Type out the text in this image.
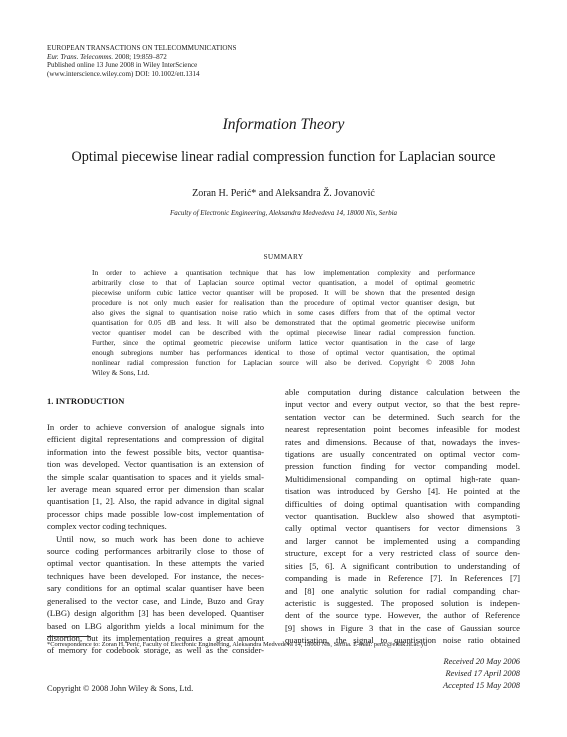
EUROPEAN TRANSACTIONS ON TELECOMMUNICATIONS
Eur. Trans. Telecomms. 2008; 19:859–872
Published online 13 June 2008 in Wiley InterScience
(www.interscience.wiley.com) DOI: 10.1002/ett.1314
Information Theory
Optimal piecewise linear radial compression function for Laplacian source
Zoran H. Perić* and Aleksandra Ž. Jovanović
Faculty of Electronic Engineering, Aleksandra Medvedeva 14, 18000 Nis, Serbia
SUMMARY
In order to achieve a quantisation technique that has low implementation complexity and performance
arbitrarily close to that of Laplacian source optimal vector quantisation, a model of optimal geometric
piecewise uniform cubic lattice vector quantiser will be proposed. It will be shown that the presented design
procedure is not only much easier for realisation than the procedure of optimal vector quantiser design, but
also gives the signal to quantisation noise ratio which in some cases differs from that of the optimal vector
quantisation for 0.05 dB and less. It will also be demonstrated that the optimal geometric piecewise uniform
vector quantiser model can be described with the optimal piecewise linear radial compression function.
Further, since the optimal geometric piecewise uniform lattice vector quantisation in the case of large
enough subregions number has performances identical to those of optimal vector quantisation, the optimal
nonlinear radial compression function for Laplacian source will also be derived. Copyright © 2008 John
Wiley & Sons, Ltd.
1. INTRODUCTION
In order to achieve conversion of analogue signals into
efficient digital representations and compression of digital
information into the fewest possible bits, vector quantisa-
tion was developed. Vector quantisation is an extension of
the simple scalar quantisation to spaces and it yields smal-
ler average mean squared error per dimension than scalar
quantisation [1, 2]. Also, the rapid advance in digital signal
processor chips made possible low-cost implementation of
complex vector coding techniques.
Until now, so much work has been done to achieve
source coding performances arbitrarily close to those of
optimal vector quantisation. In these attempts the varied
techniques have been developed. For instance, the neces-
sary conditions for an optimal scalar quantiser have been
generalised to the vector case, and Linde, Buzo and Gray
(LBG) design algorithm [3] has been developed. Quantiser
based on LBG algorithm yields a local minimum for the
distortion, but its implementation requires a great amount
of memory for codebook storage, as well as the consider-
able computation during distance calculation between the
input vector and every output vector, so that the best repre-
sentation vector can be determined. Such search for the
nearest representation point becomes infeasible for modest
rates and dimensions. Because of that, nowadays the inves-
tigations are usually concentrated on optimal vector com-
pression function finding for vector companding model.
Multidimensional companding on optimal high-rate quan-
tisation was introduced by Gersho [4]. He pointed at the
difficulties of doing optimal quantisation with companding
vector quantisation. Bucklew also showed that asymptoti-
cally optimal vector quantisers for vector dimensions 3
and larger cannot be implemented using a companding
structure, except for a very restricted class of source den-
sities [5, 6]. A significant contribution to understanding of
companding is made in Reference [7]. In References [7]
and [8] one analytic solution for radial companding char-
acteristic is suggested. The proposed solution is indepen-
dent of the source type. However, the author of Reference
[9] shows in Figure 3 that in the case of Gaussian source
quantisation, the signal to quantisation noise ratio obtained
*Correspondence to: Zoran H. Perić, Faculty of Electronic Engineering, Aleksandra Medvedeva 14, 18000 Nis, Serbia. E-mail: peric@elfak.ni.ac.yu
Received 20 May 2006
Revised 17 April 2008
Accepted 15 May 2008
Copyright © 2008 John Wiley & Sons, Ltd.
